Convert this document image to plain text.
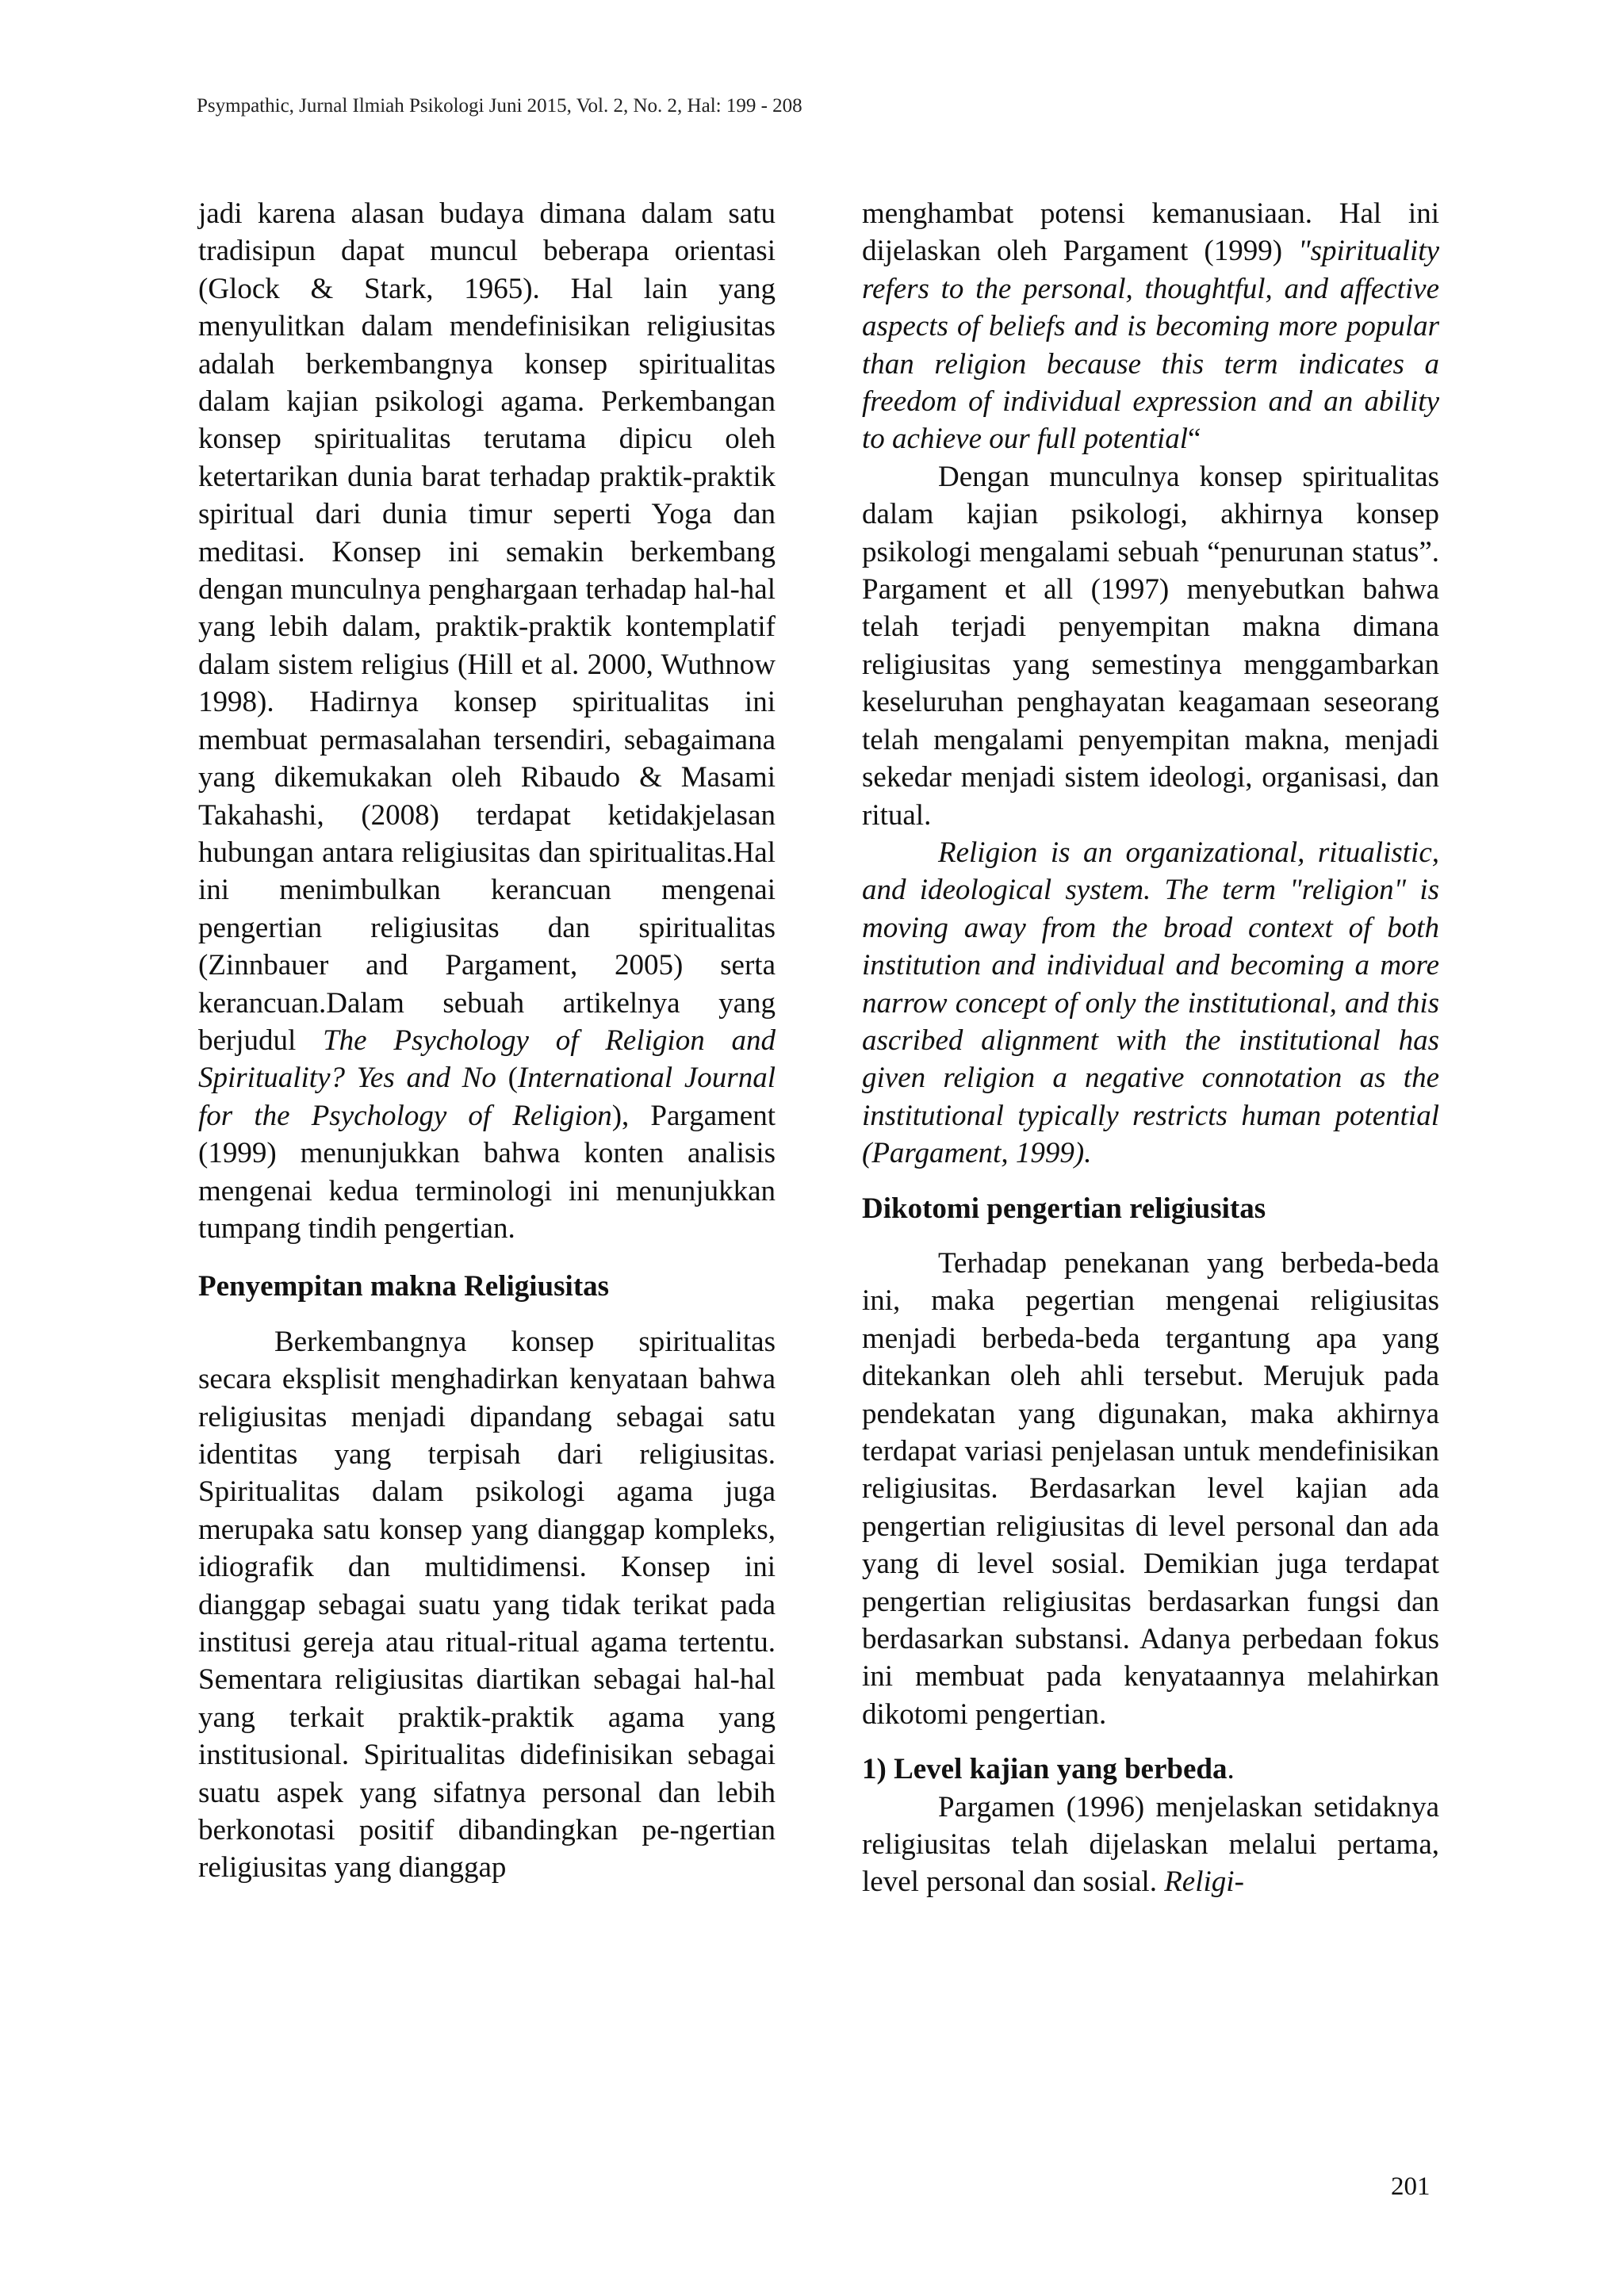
Psympathic, Jurnal Ilmiah Psikologi Juni 2015, Vol. 2, No. 2, Hal: 199 - 208

jadi karena alasan budaya dimana dalam satu tradisipun dapat muncul beberapa orientasi (Glock & Stark, 1965). Hal lain yang menyulitkan dalam mendefinisikan religiusitas adalah berkembangnya konsep spiritualitas dalam kajian psikologi agama. Perkembangan konsep spiritualitas terutama dipicu oleh ketertarikan dunia barat terhadap praktik-praktik spiritual dari dunia timur seperti Yoga dan meditasi. Konsep ini semakin berkembang dengan munculnya penghargaan terhadap hal-hal yang lebih dalam, praktik-praktik kontemplatif dalam sistem religius (Hill et al. 2000, Wuthnow 1998). Hadirnya konsep spiritualitas ini membuat permasalahan tersendiri, sebagaimana yang dikemukakan oleh Ribaudo & Masami Takahashi, (2008) terdapat ketidakjelasan hubungan antara religiusitas dan spiritualitas.Hal ini menimbulkan kerancuan mengenai pengertian religiusitas dan spiritualitas (Zinnbauer and Pargament, 2005) serta kerancuan.Dalam sebuah artikelnya yang berjudul The Psychology of Religion and Spirituality? Yes and No (International Journal for the Psychology of Religion), Pargament (1999) menunjukkan bahwa konten analisis mengenai kedua terminologi ini menunjukkan tumpang tindih pengertian.

Penyempitan makna Religiusitas

Berkembangnya konsep spiritualitas secara eksplisit menghadirkan kenyataan bahwa religiusitas menjadi dipandang sebagai satu identitas yang terpisah dari religiusitas. Spiritualitas dalam psikologi agama juga merupaka satu konsep yang dianggap kompleks, idiografik dan multidimensi. Konsep ini dianggap sebagai suatu yang tidak terikat pada institusi gereja atau ritual-ritual agama tertentu. Sementara religiusitas diartikan sebagai hal-hal yang terkait praktik-praktik agama yang institusional. Spiritualitas didefinisikan sebagai suatu aspek yang sifatnya personal dan lebih berkonotasi positif dibandingkan pe-ngertian religiusitas yang dianggap

menghambat potensi kemanusiaan. Hal ini dijelaskan oleh Pargament (1999) "spirituality refers to the personal, thoughtful, and affective aspects of beliefs and is becoming more popular than religion because this term indicates a freedom of individual expression and an ability to achieve our full potential“

Dengan munculnya konsep spiritualitas dalam kajian psikologi, akhirnya konsep psikologi mengalami sebuah “penurunan status”. Pargament et all (1997) menyebutkan bahwa telah terjadi penyempitan makna dimana religiusitas yang semestinya menggambarkan keseluruhan penghayatan keagamaan seseorang telah mengalami penyempitan makna, menjadi sekedar menjadi sistem ideologi, organisasi, dan ritual.

Religion is an organizational, ritualistic, and ideological system. The term "religion" is moving away from the broad context of both institution and individual and becoming a more narrow concept of only the institutional, and this ascribed alignment with the institutional has given religion a negative connotation as the institutional typically restricts human potential (Pargament, 1999).

Dikotomi pengertian religiusitas

Terhadap penekanan yang berbeda-beda ini, maka pegertian mengenai religiusitas menjadi berbeda-beda tergantung apa yang ditekankan oleh ahli tersebut. Merujuk pada pendekatan yang digunakan, maka akhirnya terdapat variasi penjelasan untuk mendefinisikan religiusitas. Berdasarkan level kajian ada pengertian religiusitas di level personal dan ada yang di level sosial. Demikian juga terdapat pengertian religiusitas berdasarkan fungsi dan berdasarkan substansi. Adanya perbedaan fokus ini membuat pada kenyataannya melahirkan dikotomi pengertian.

1) Level kajian yang berbeda.

Pargamen (1996) menjelaskan setidaknya religiusitas telah dijelaskan melalui pertama, level personal dan sosial. Religi-

201
